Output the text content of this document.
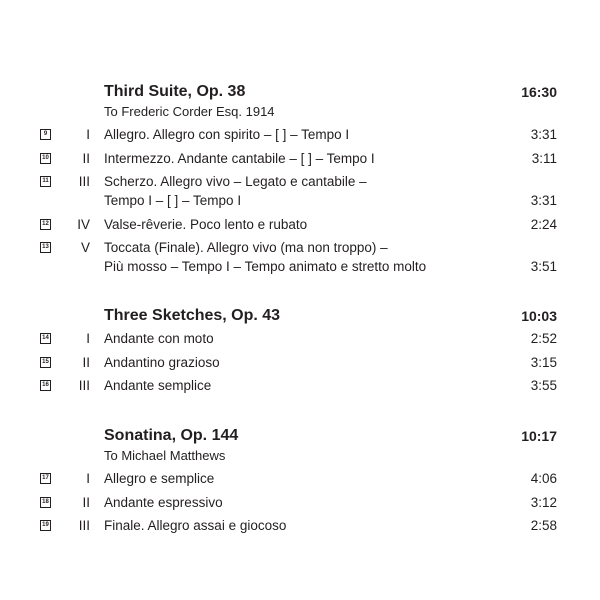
Third Suite, Op. 38	16:30
To Frederic Corder Esq. 1914
9	I Allegro. Allegro con spirito – [ ] – Tempo I	3:31
10	II Intermezzo. Andante cantabile – [ ] – Tempo I	3:11
11	III Scherzo. Allegro vivo – Legato e cantabile –
Tempo I – [ ] – Tempo I	3:31
12	IV Valse-rêverie. Poco lento e rubato	2:24
13	V Toccata (Finale). Allegro vivo (ma non troppo) –
Più mosso – Tempo I – Tempo animato e stretto molto	3:51
Three Sketches, Op. 43	10:03
14	I Andante con moto	2:52
15	II Andantino grazioso	3:15
16	III Andante semplice	3:55
Sonatina, Op. 144	10:17
To Michael Matthews
17	I Allegro e semplice	4:06
18	II Andante espressivo	3:12
19	III Finale. Allegro assai e giocoso	2:58
